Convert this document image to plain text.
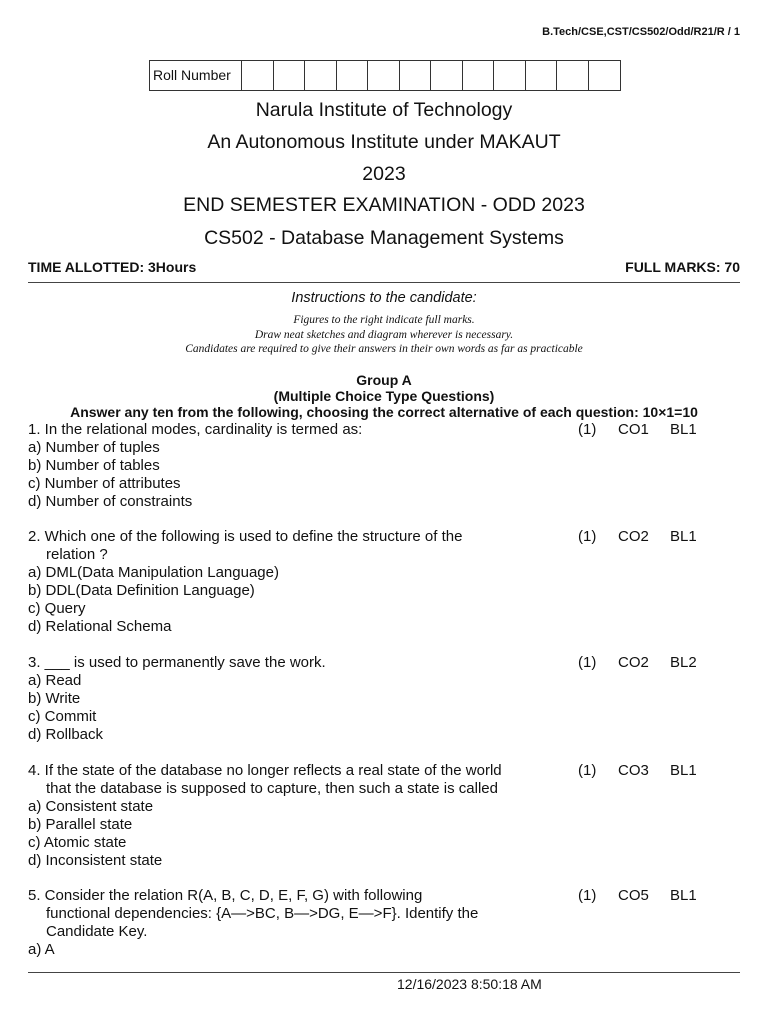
B.Tech/CSE,CST/CS502/Odd/R21/R / 1
Roll Number
Narula Institute of Technology
An Autonomous Institute under MAKAUT
2023
END SEMESTER EXAMINATION - ODD 2023
CS502 - Database Management Systems
TIME ALLOTTED: 3Hours	FULL MARKS: 70
Instructions to the candidate:
Figures to the right indicate full marks.
Draw neat sketches and diagram wherever is necessary.
Candidates are required to give their answers in their own words as far as practicable
Group A
(Multiple Choice Type Questions)
Answer any ten from the following, choosing the correct alternative of each question: 10×1=10
1. In the relational modes, cardinality is termed as:	(1) CO1 BL1
a) Number of tuples
b) Number of tables
c) Number of attributes
d) Number of constraints
2. Which one of the following is used to define the structure of the	(1) CO2 BL1
relation ?
a) DML(Data Manipulation Language)
b) DDL(Data Definition Language)
c) Query
d) Relational Schema
3. ___ is used to permanently save the work.	(1) CO2 BL2
a) Read
b) Write
c) Commit
d) Rollback
4. If the state of the database no longer reflects a real state of the world	(1) CO3 BL1
that the database is supposed to capture, then such a state is called
a) Consistent state
b) Parallel state
c) Atomic state
d) Inconsistent state
5. Consider the relation R(A, B, C, D, E, F, G) with following	(1) CO5 BL1
functional dependencies: {A—>BC, B—>DG, E—>F}. Identify the
Candidate Key.
a) A
12/16/2023 8:50:18 AM
